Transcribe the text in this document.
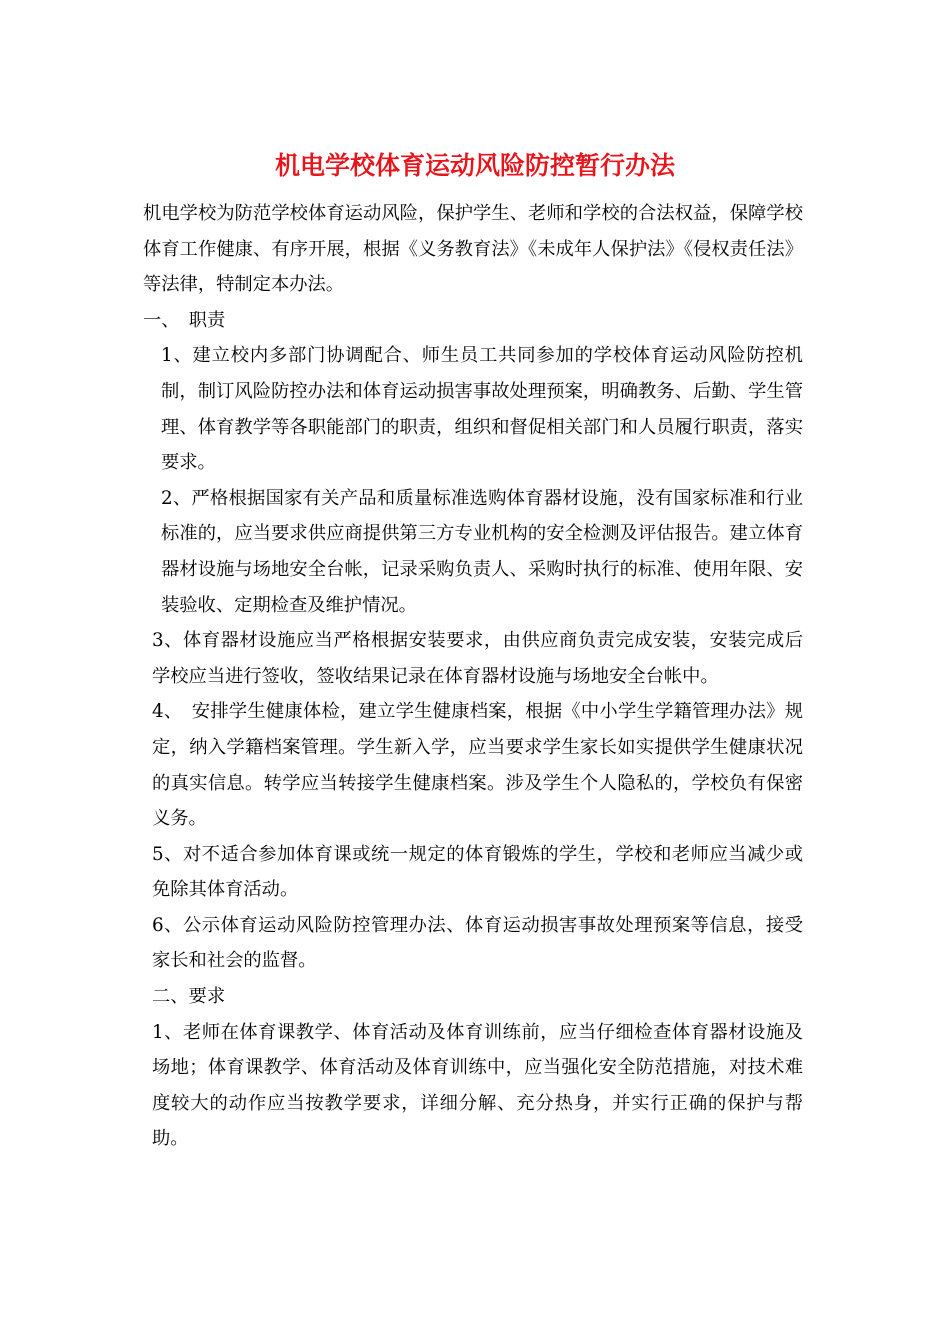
机电学校体育运动风险防控暂行办法

机电学校为防范学校体育运动风险，保护学生、老师和学校的合法权益，保障学校体育工作健康、有序开展，根据《义务教育法》《未成年人保护法》《侵权责任法》等法律，特制定本办法。

一、　职责

1、建立校内多部门协调配合、师生员工共同参加的学校体育运动风险防控机制，制订风险防控办法和体育运动损害事故处理预案，明确教务、后勤、学生管理、体育教学等各职能部门的职责，组织和督促相关部门和人员履行职责，落实要求。

2、严格根据国家有关产品和质量标准选购体育器材设施，没有国家标准和行业标准的，应当要求供应商提供第三方专业机构的安全检测及评估报告。建立体育器材设施与场地安全台帐，记录采购负责人、采购时执行的标准、使用年限、安装验收、定期检查及维护情况。

3、体育器材设施应当严格根据安装要求，由供应商负责完成安装，安装完成后学校应当进行签收，签收结果记录在体育器材设施与场地安全台帐中。

4、　安排学生健康体检，建立学生健康档案，根据《中小学生学籍管理办法》规定，纳入学籍档案管理。学生新入学，应当要求学生家长如实提供学生健康状况的真实信息。转学应当转接学生健康档案。涉及学生个人隐私的，学校负有保密义务。

5、对不适合参加体育课或统一规定的体育锻炼的学生，学校和老师应当减少或免除其体育活动。

6、公示体育运动风险防控管理办法、体育运动损害事故处理预案等信息，接受家长和社会的监督。

二、要求

1、老师在体育课教学、体育活动及体育训练前，应当仔细检查体育器材设施及场地；体育课教学、体育活动及体育训练中，应当强化安全防范措施，对技术难度较大的动作应当按教学要求，详细分解、充分热身，并实行正确的保护与帮助。
